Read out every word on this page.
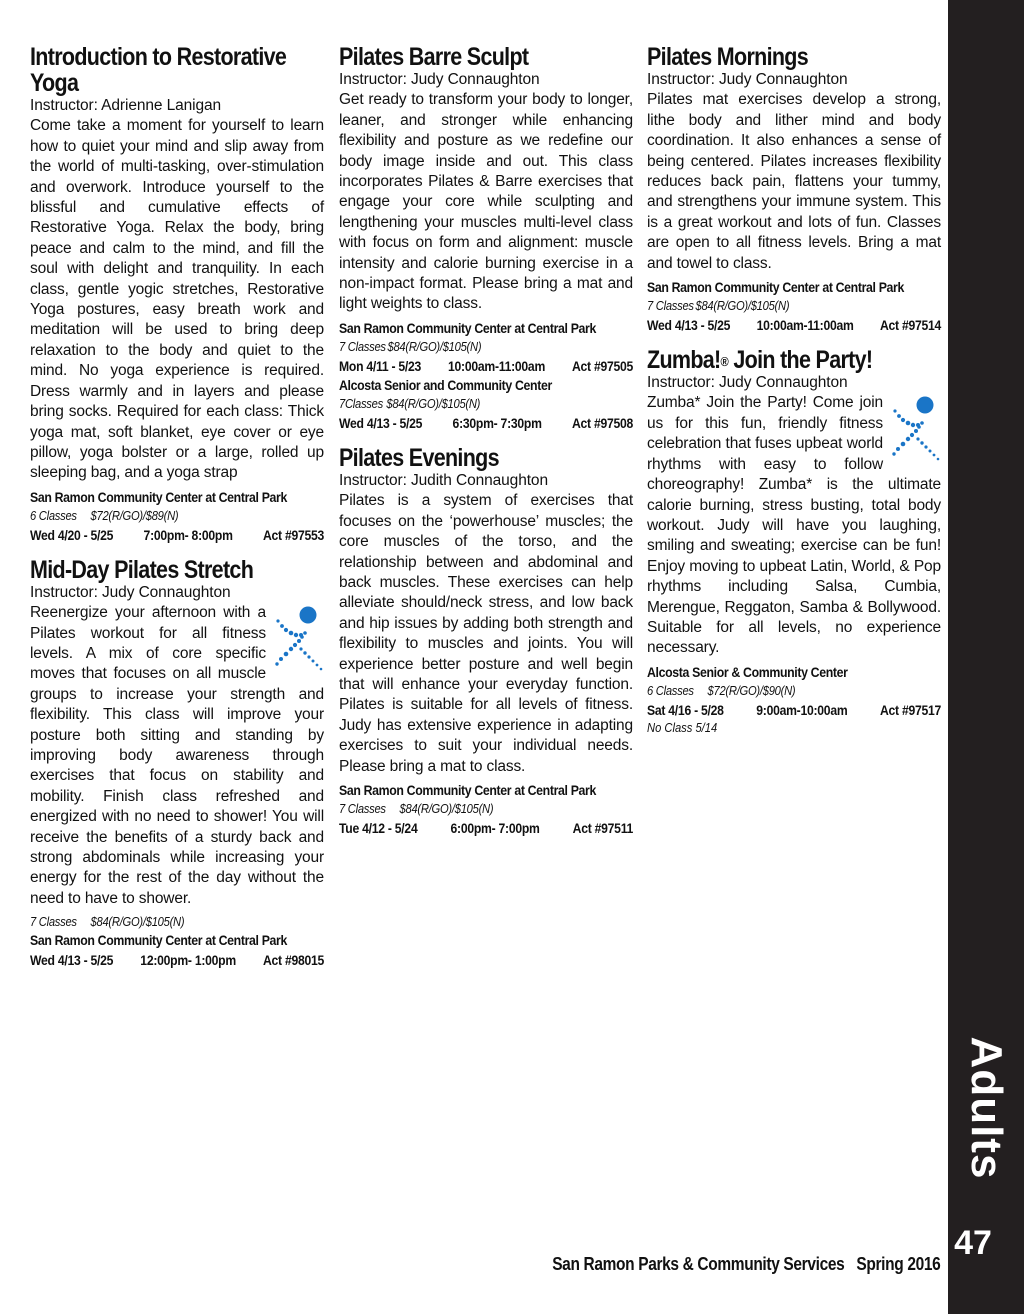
Introduction to Restorative
Yoga
Instructor: Adrienne Lanigan

Come take a moment for yourself to learn how to quiet your mind and slip away from the world of multi-tasking, over-stimulation and overwork. Introduce yourself to the blissful and cumulative effects of Restorative Yoga. Relax the body, bring peace and calm to the mind, and fill the soul with delight and tranquility. In each class, gentle yogic stretches, Restorative Yoga postures, easy breath work and meditation will be used to bring deep relaxation to the body and quiet to the mind. No yoga experience is required. Dress warmly and in layers and please bring socks. Required for each class: Thick yoga mat, soft blanket, eye cover or eye pillow, yoga bolster or a large, rolled up sleeping bag, and a yoga strap

San Ramon Community Center at Central Park
6 Classes $72(R/GO)/$89(N)
Wed 4/20 - 5/25 7:00pm- 8:00pm Act #97553
Mid-Day Pilates Stretch
Instructor: Judy Connaughton

Reenergize your afternoon with a Pilates workout for all fitness levels. A mix of core specific moves that focuses on all muscle groups to increase your strength and flexibility. This class will improve your posture both sitting and standing by improving body awareness through exercises that focus on stability and mobility. Finish class refreshed and energized with no need to shower! You will receive the benefits of a sturdy back and strong abdominals while increasing your energy for the rest of the day without the need to have to shower.

7 Classes $84(R/GO)/$105(N)
San Ramon Community Center at Central Park
Wed 4/13 - 5/25 12:00pm- 1:00pm Act #98015
Pilates Barre Sculpt
Instructor: Judy Connaughton

Get ready to transform your body to longer, leaner, and stronger while enhancing flexibility and posture as we redefine our body image inside and out. This class incorporates Pilates & Barre exercises that engage your core while sculpting and lengthening your muscles multi-level class with focus on form and alignment: muscle intensity and calorie burning exercise in a non-impact format. Please bring a mat and light weights to class.

San Ramon Community Center at Central Park
7 Classes $84(R/GO)/$105(N)
Mon 4/11 - 5/23 10:00am-11:00am Act #97505
Alcosta Senior and Community Center
7Classes $84(R/GO)/$105(N)
Wed 4/13 - 5/25 6:30pm- 7:30pm Act #97508
Pilates Evenings
Instructor: Judith Connaughton

Pilates is a system of exercises that focuses on the ‘powerhouse’ muscles; the core muscles of the torso, and the relationship between and abdominal and back muscles. These exercises can help alleviate should/neck stress, and low back and hip issues by adding both strength and flexibility to muscles and joints. You will experience better posture and well begin that will enhance your everyday function. Pilates is suitable for all levels of fitness. Judy has extensive experience in adapting exercises to suit your individual needs. Please bring a mat to class.

San Ramon Community Center at Central Park
7 Classes $84(R/GO)/$105(N)
Tue 4/12 - 5/24 6:00pm- 7:00pm Act #97511
Pilates Mornings
Instructor: Judy Connaughton

Pilates mat exercises develop a strong, lithe body and lither mind and body coordination. It also enhances a sense of being centered. Pilates increases flexibility reduces back pain, flattens your tummy, and strengthens your immune system. This is a great workout and lots of fun. Classes are open to all fitness levels. Bring a mat and towel to class.

San Ramon Community Center at Central Park
7 Classes $84(R/GO)/$105(N)
Wed 4/13 - 5/25 10:00am-11:00am Act #97514
Zumba!® Join the Party!
Instructor: Judy Connaughton

Zumba* Join the Party! Come join us for this fun, friendly fitness celebration that fuses upbeat world rhythms with easy to follow choreography! Zumba* is the ultimate calorie burning, stress busting, total body workout. Judy will have you laughing, smiling and sweating; exercise can be fun! Enjoy moving to upbeat Latin, World, & Pop rhythms including Salsa, Cumbia, Merengue, Reggaton, Samba & Bollywood. Suitable for all levels, no experience necessary.

Alcosta Senior & Community Center
6 Classes $72(R/GO)/$90(N)
Sat 4/16 - 5/28 9:00am-10:00am Act #97517
No Class 5/14
Adults
47
San Ramon Parks & Community Services Spring 2016
